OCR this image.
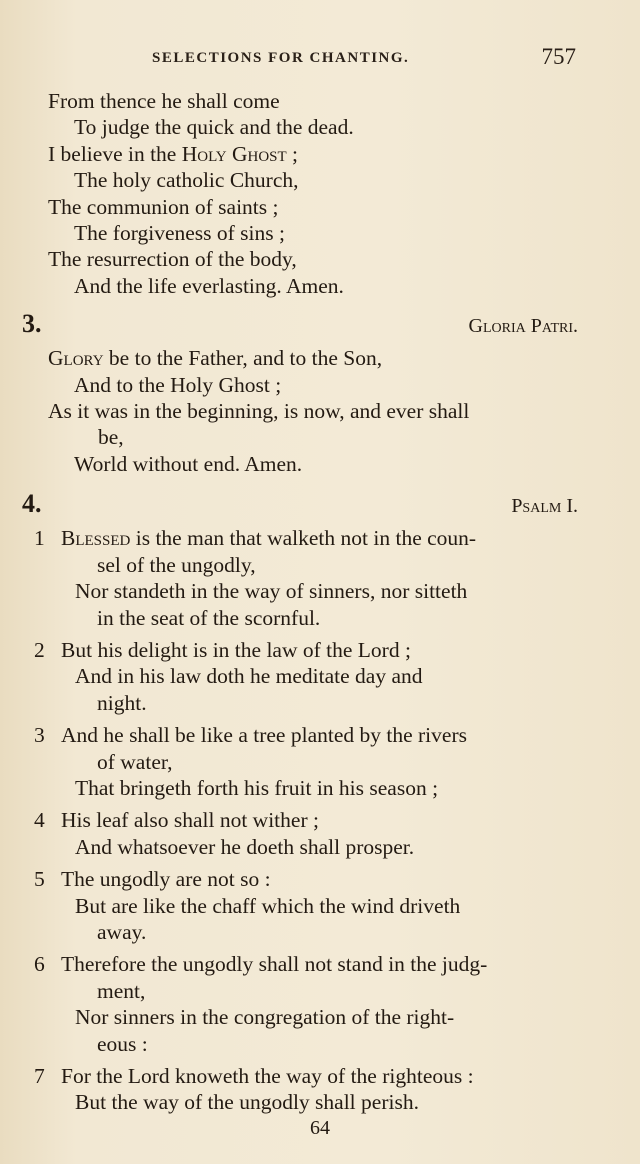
SELECTIONS FOR CHANTING.	757
From thence he shall come
To judge the quick and the dead.
I believe in the Holy Ghost ;
The holy catholic Church,
The communion of saints ;
The forgiveness of sins ;
The resurrection of the body,
And the life everlasting. Amen.
3.	Gloria Patri.
Glory be to the Father, and to the Son,
And to the Holy Ghost ;
As it was in the beginning, is now, and ever shall
be,
World without end. Amen.
4.	Psalm I.
1 Blessed is the man that walketh not in the coun-
sel of the ungodly,
Nor standeth in the way of sinners, nor sitteth
in the seat of the scornful.
2 But his delight is in the law of the Lord ;
And in his law doth he meditate day and
night.
3 And he shall be like a tree planted by the rivers
of water,
That bringeth forth his fruit in his season ;
4 His leaf also shall not wither ;
And whatsoever he doeth shall prosper.
5 The ungodly are not so :
But are like the chaff which the wind driveth
away.
6 Therefore the ungodly shall not stand in the judg-
ment,
Nor sinners in the congregation of the right-
eous :
7 For the Lord knoweth the way of the righteous :
But the way of the ungodly shall perish.
64
